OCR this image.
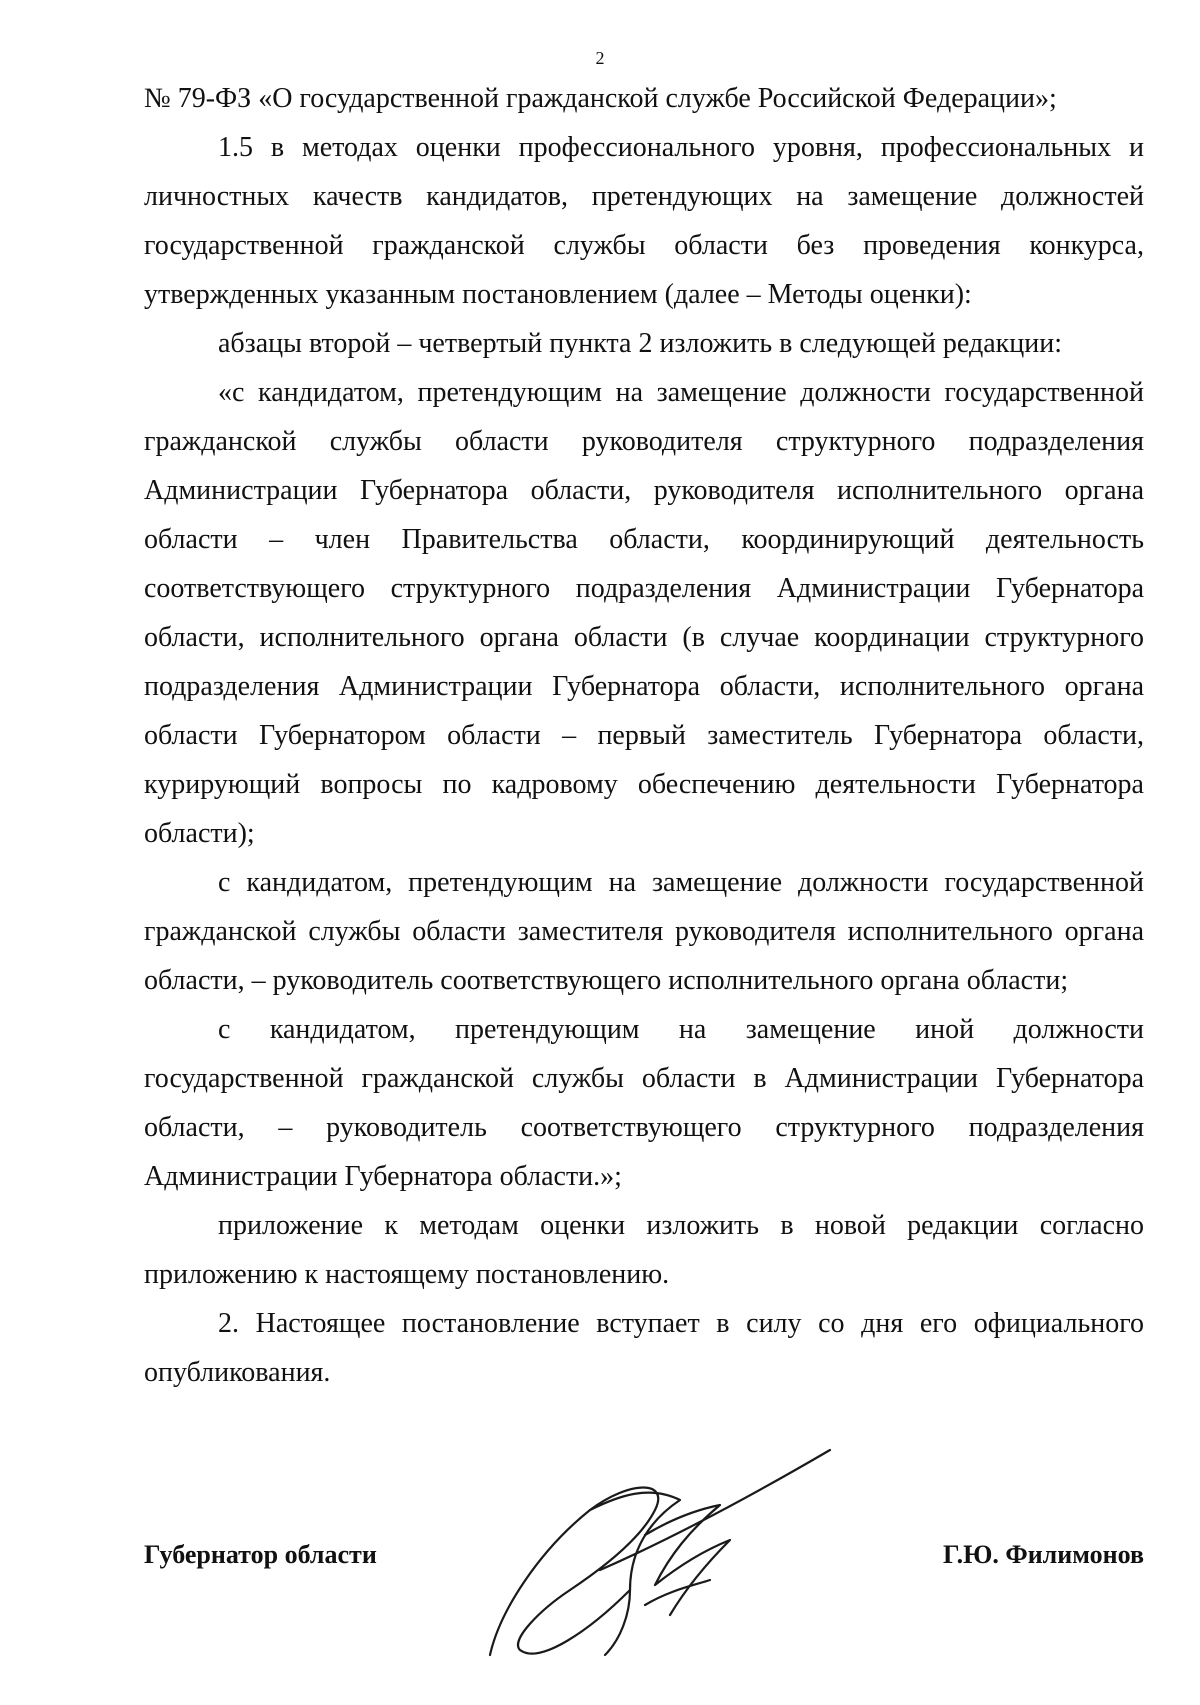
2

№ 79-ФЗ «О государственной гражданской службе Российской Федерации»;

1.5 в методах оценки профессионального уровня, профессиональных и личностных качеств кандидатов, претендующих на замещение должностей государственной гражданской службы области без проведения конкурса, утвержденных указанным постановлением (далее – Методы оценки):

абзацы второй – четвертый пункта 2 изложить в следующей редакции:

«с кандидатом, претендующим на замещение должности государственной гражданской службы области руководителя структурного подразделения Администрации Губернатора области, руководителя исполнительного органа области – член Правительства области, координирующий деятельность соответствующего структурного подразделения Администрации Губернатора области, исполнительного органа области (в случае координации структурного подразделения Администрации Губернатора области, исполнительного органа области Губернатором области – первый заместитель Губернатора области, курирующий вопросы по кадровому обеспечению деятельности Губернатора области);

с кандидатом, претендующим на замещение должности государственной гражданской службы области заместителя руководителя исполнительного органа области, – руководитель соответствующего исполнительного органа области;

с кандидатом, претендующим на замещение иной должности государственной гражданской службы области в Администрации Губернатора области, – руководитель соответствующего структурного подразделения Администрации Губернатора области.»;

приложение к методам оценки изложить в новой редакции согласно приложению к настоящему постановлению.

2. Настоящее постановление вступает в силу со дня его официального опубликования.

Губернатор области	Г.Ю. Филимонов
